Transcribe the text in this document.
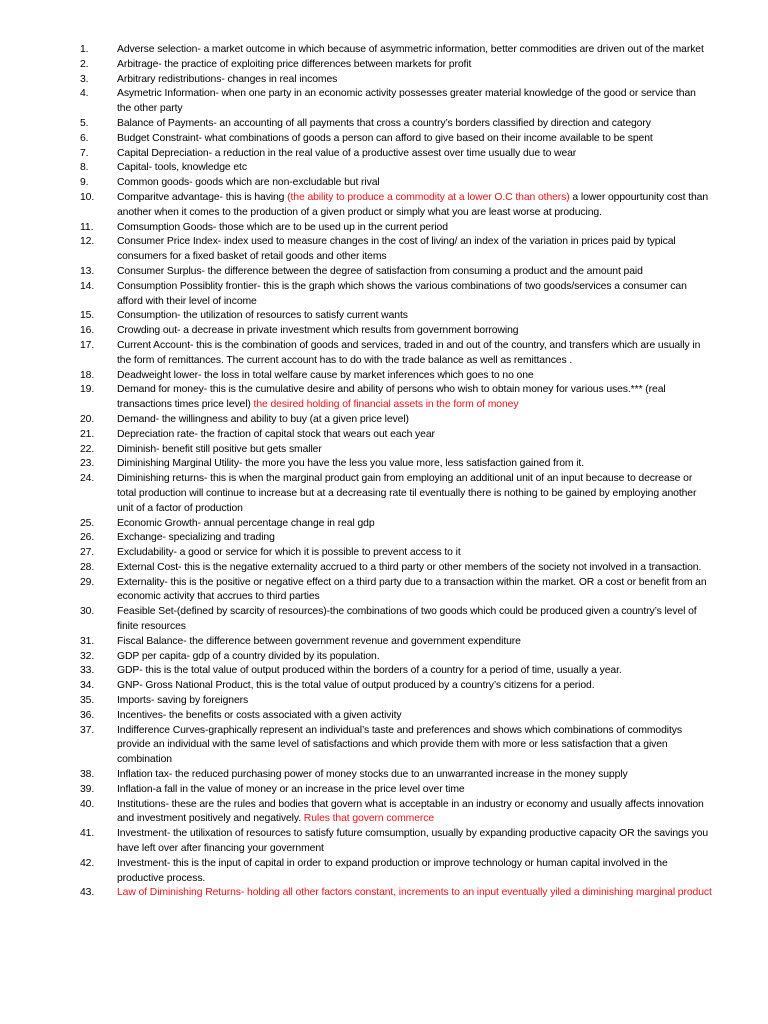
1.	Adverse selection- a market outcome in which because of asymmetric information, better commodities are driven out of the market
2.	Arbitrage- the practice of exploiting price differences between markets for profit
3.	Arbitrary redistributions- changes in real incomes
4.	Asymetric Information- when one party in an economic activity possesses greater material knowledge of the good or service than the other party
5.	Balance of Payments- an accounting of all payments that cross a country’s borders classified by direction and category
6.	Budget Constraint- what combinations of goods a person can afford to give based on their income available to be spent
7.	Capital Depreciation- a reduction in the real value of a productive assest over time usually due to wear
8.	Capital- tools, knowledge etc
9.	Common goods- goods which are non-excludable but rival
10.	Comparitve advantage- this is having (the ability to produce a commodity at a lower O.C than others) a lower oppourtunity cost than another when it comes to the production of a given product or simply what you are least worse at producing.
11.	Comsumption Goods- those which are to be used up in the current period
12.	Consumer Price Index- index used to measure changes in the cost of living/ an index of the variation in prices paid by typical consumers for a fixed basket of retail goods and other items
13.	Consumer Surplus- the difference between the degree of satisfaction from consuming a product and the amount paid
14.	Consumption Possiblity frontier- this is the graph which shows the various combinations of two goods/services a consumer can afford with their level of income
15.	Consumption- the utilization of resources to satisfy current wants
16.	Crowding out- a decrease in private investment which results from government borrowing
17.	Current Account- this is the combination of goods and services, traded in and out of the country, and transfers which are usually in the form of remittances. The current account has to do with the trade balance as well as remittances .
18.	Deadweight lower- the loss in total welfare cause by market inferences which goes to no one
19.	Demand for money- this is the cumulative desire and ability of persons who wish to obtain money for various uses.*** (real transactions times price level) the desired holding of financial assets in the form of money
20.	Demand- the willingness and ability to buy (at a given price level)
21.	Depreciation rate- the fraction of capital stock that wears out each year
22.	Diminish- benefit still positive but gets smaller
23.	Diminishing Marginal Utility- the more you have the less you value more, less satisfaction gained from it.
24.	Diminishing returns- this is when the marginal product gain from employing an additional unit of an input because to decrease or total production will continue to increase but at a decreasing rate til eventually there is nothing to be gained by employing another unit of a factor of production
25.	Economic Growth- annual percentage change in real gdp
26.	Exchange- specializing and trading
27.	Excludability- a good or service for which it is possible to prevent access to it
28.	External Cost- this is the negative externality accrued to a third party or other members of the society not involved in a transaction.
29.	Externality- this is the positive or negative effect on a third party due to a transaction within the market. OR a cost or benefit from an economic activity that accrues to third parties
30.	Feasible Set-(defined by scarcity of resources)-the combinations of two goods which could be produced given a country’s level of finite resources
31.	Fiscal Balance- the difference between government revenue and government expenditure
32.	GDP per capita- gdp of a country divided by its population.
33.	GDP- this is the total value of output produced within the borders of a country for a period of time, usually a year.
34.	GNP- Gross National Product, this is the total value of output produced by a country’s citizens for a period.
35.	Imports- saving by foreigners
36.	Incentives- the benefits or costs associated with a given activity
37.	Indifference Curves-graphically represent an individual’s taste and preferences and shows which combinations of commoditys provide an individual with the same level of satisfactions and which provide them with more or less satisfaction that a given combination
38.	Inflation tax- the reduced purchasing power of money stocks due to an unwarranted increase in the money supply
39.	Inflation-a fall in the value of money or an increase in the price level over time
40.	Institutions- these are the rules and bodies that govern what is acceptable in an industry or economy and usually affects innovation and investment positively and negatively. Rules that govern commerce
41.	Investment- the utilixation of resources to satisfy future comsumption, usually by expanding productive capacity OR the savings you have left over after financing your government
42.	Investment- this is the input of capital in order to expand production or improve technology or human capital involved in the productive process.
43.	Law of Diminishing Returns- holding all other factors constant, increments to an input eventually yiled a diminishing marginal product
